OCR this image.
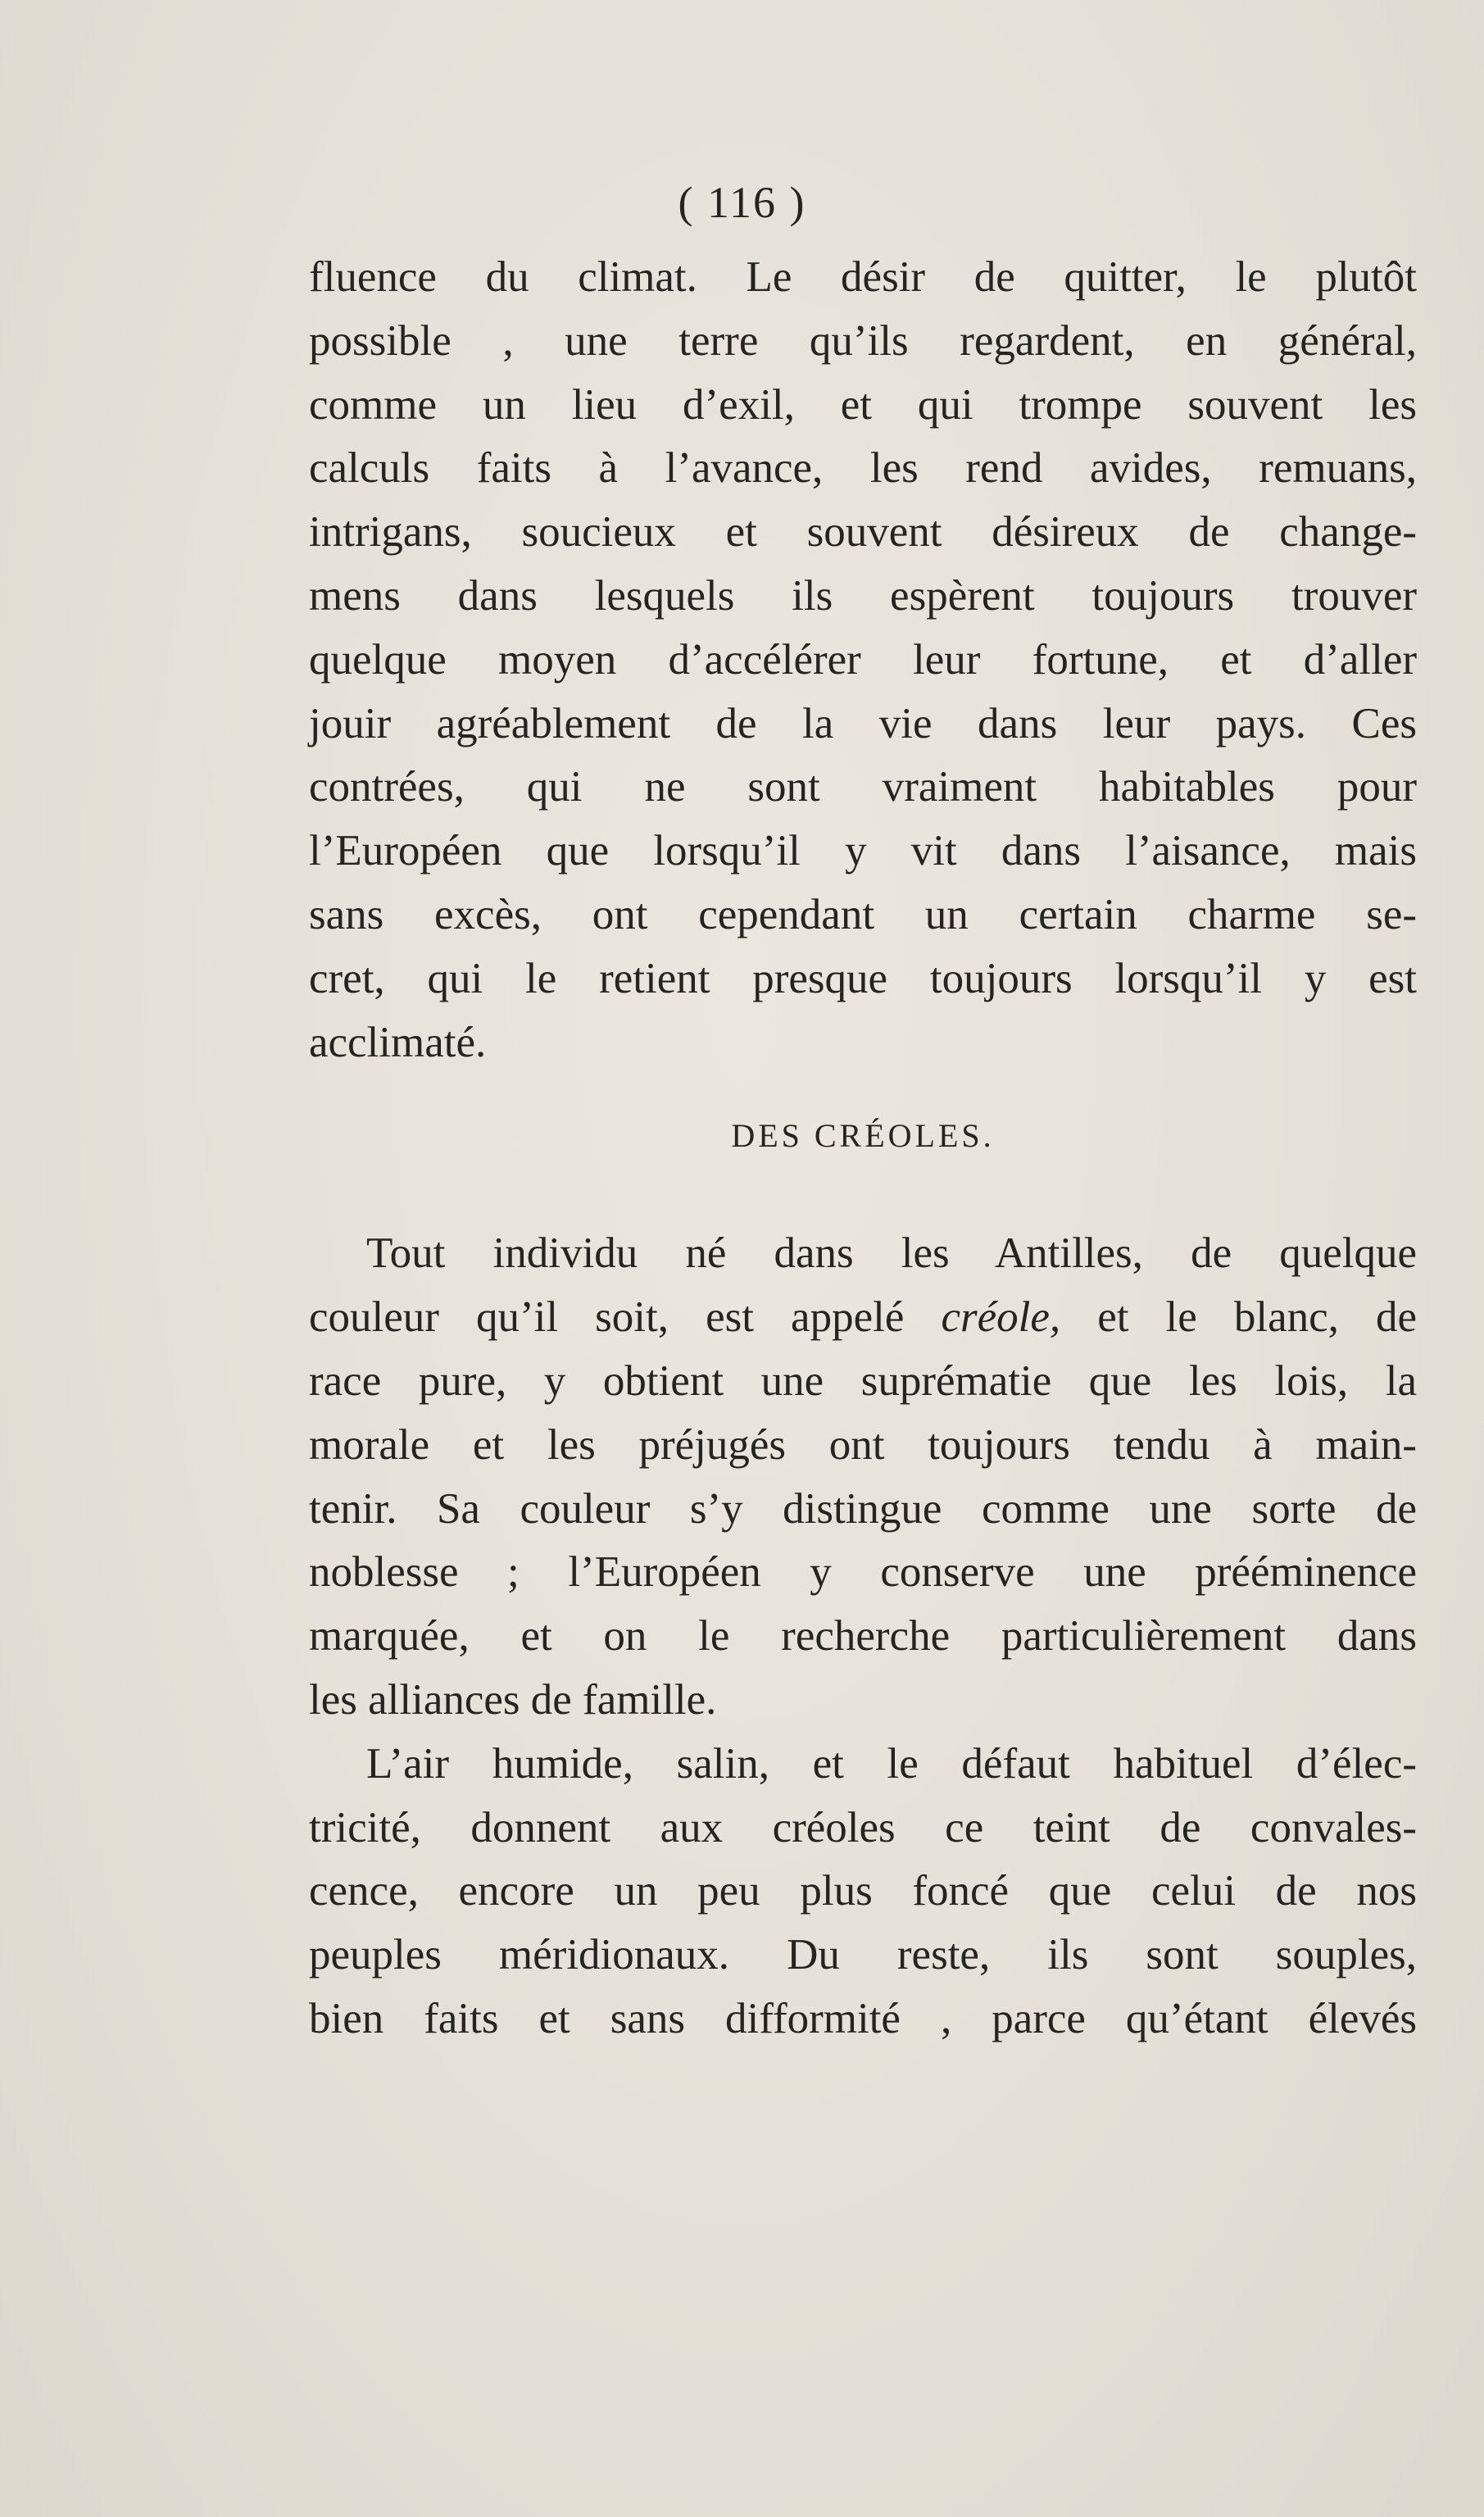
( 116 )
fluence du climat. Le désir de quitter, le plutôt
possible , une terre qu’ils regardent, en général,
comme un lieu d’exil, et qui trompe souvent les
calculs faits à l’avance, les rend avides, remuans,
intrigans, soucieux et souvent désireux de change-
mens dans lesquels ils espèrent toujours trouver
quelque moyen d’accélérer leur fortune, et d’aller
jouir agréablement de la vie dans leur pays. Ces
contrées, qui ne sont vraiment habitables pour
l’Européen que lorsqu’il y vit dans l’aisance, mais
sans excès, ont cependant un certain charme se-
cret, qui le retient presque toujours lorsqu’il y est
acclimaté.
DES CRÉOLES.
Tout individu né dans les Antilles, de quelque
couleur qu’il soit, est appelé créole, et le blanc, de
race pure, y obtient une suprématie que les lois, la
morale et les préjugés ont toujours tendu à main-
tenir. Sa couleur s’y distingue comme une sorte de
noblesse ; l’Européen y conserve une prééminence
marquée, et on le recherche particulièrement dans
les alliances de famille.
L’air humide, salin, et le défaut habituel d’élec-
tricité, donnent aux créoles ce teint de convales-
cence, encore un peu plus foncé que celui de nos
peuples méridionaux. Du reste, ils sont souples,
bien faits et sans difformité , parce qu’étant élevés
